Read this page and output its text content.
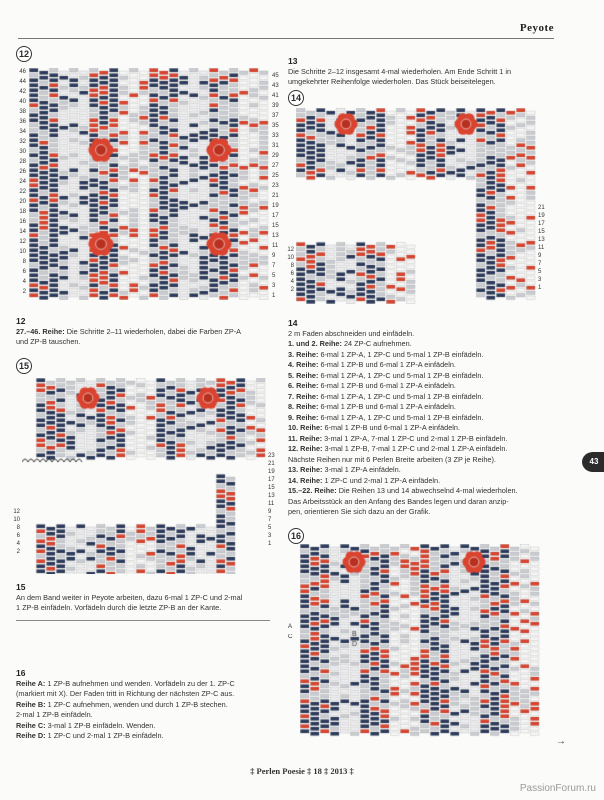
Peyote
12
46
44
42
40
38
36
34
32
30
28
26
24
22
20
18
16
14
12
10
8
6
4
2
45
43
41
39
37
35
33
31
29
27
25
23
21
19
17
15
13
11
9
7
5
3
1
12
27.–46. Reihe: Die Schritte 2–11 wiederholen, dabei die Farben ZP-A
und ZP-B tauschen.
15
12
10
8
6
4
2
23
21
19
17
15
13
11
9
7
5
3
1
15
An dem Band weiter in Peyote arbeiten, dazu 6-mal 1 ZP-C und 2-mal
1 ZP-B einfädeln. Vorfädeln durch die letzte ZP-B an der Kante.
16
Reihe A: 1 ZP-B aufnehmen und wenden. Vorfädeln zu der 1. ZP-C
(markiert mit X). Der Faden tritt in Richtung der nächsten ZP-C aus.
Reihe B: 1 ZP-C aufnehmen, wenden und durch 1 ZP-B stechen.
2-mal 1 ZP-B einfädeln.
Reihe C: 3-mal 1 ZP-B einfädeln. Wenden.
Reihe D: 1 ZP-C und 2-mal 1 ZP-B einfädeln.
13
Die Schritte 2–12 insgesamt 4-mal wiederholen. Am Ende Schritt 1 in
umgekehrter Reihenfolge wiederholen. Das Stück beiseitelegen.
14
12
10
8
6
4
2
21
19
17
15
13
11
9
7
5
3
1
14
2 m Faden abschneiden und einfädeln.
1. und 2. Reihe: 24 ZP-C aufnehmen.
3. Reihe: 6-mal 1 ZP-A, 1 ZP-C und 5-mal 1 ZP-B einfädeln.
4. Reihe: 6-mal 1 ZP-B und 6-mal 1 ZP-A einfädeln.
5. Reihe: 6-mal 1 ZP-A, 1 ZP-C und 5-mal 1 ZP-B einfädeln.
6. Reihe: 6-mal 1 ZP-B und 6-mal 1 ZP-A einfädeln.
7. Reihe: 6-mal 1 ZP-A, 1 ZP-C und 5-mal 1 ZP-B einfädeln.
8. Reihe: 6-mal 1 ZP-B und 6-mal 1 ZP-A einfädeln.
9. Reihe: 6-mal 1 ZP-A, 1 ZP-C und 5-mal 1 ZP-B einfädeln.
10. Reihe: 6-mal 1 ZP-B und 6-mal 1 ZP-A einfädeln.
11. Reihe: 3-mal 1 ZP-A, 7-mal 1 ZP-C und 2-mal 1 ZP-B einfädeln.
12. Reihe: 3-mal 1 ZP-B, 7-mal 1 ZP-C und 2-mal 1 ZP-A einfädeln.
Nächste Reihen nur mit 6 Perlen Breite arbeiten (3 ZP je Reihe).
13. Reihe: 3-mal 1 ZP-A einfädeln.
14. Reihe: 1 ZP-C und 2-mal 1 ZP-A einfädeln.
15.–22. Reihe: Die Reihen 13 und 14 abwechselnd 4-mal wiederholen.
Das Arbeitsstück an den Anfang des Bandes legen und daran anzip-
pen, orientieren Sie sich dazu an der Grafik.
16
A
C
→
43
‡ Perlen Poesie ‡ 18 ‡ 2013 ‡
PassionForum.ru
